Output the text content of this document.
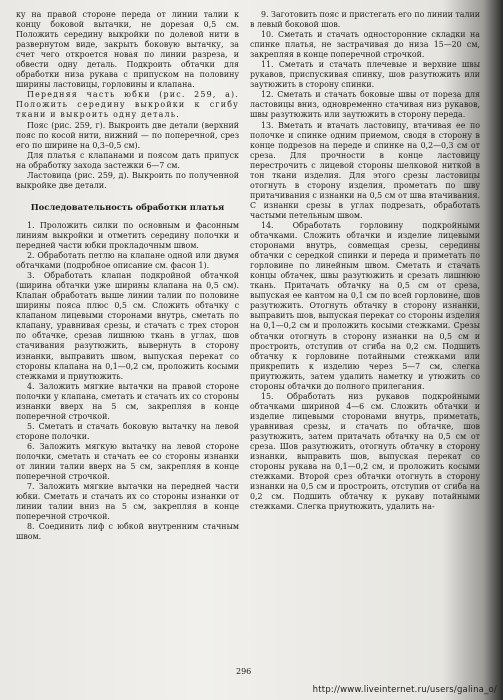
ку на правой стороне переда от линии талии к концу боковой вытачки, не дорезая 0,5 см. Положить середину выкройки по долевой нити в развернутом виде, закрыть боковую вытачку, за счет чего откроется новая по линии разреза, и обвести одну деталь. Подкроить обтачки для обработки низа рукава с припуском на половину ширины ластовицы, горловины и клапана.

Передняя часть юбки (рис. 259, а). Положить середину выкройки к сгибу ткани и выкроить одну деталь.

Пояс (рис. 259, г). Выкроить две детали (верхний пояс по косой нити, нижний — по поперечной, срез его по ширине на 0,3–0,5 см).

Для платья с клапанами и поясом дать припуск на обработку захода застежки 6—7 см.

Ластовица (рис. 259, д). Выкроить по полученной выкройке две детали.

Последовательность обработки платья

1. Проложить силки по основным и фасонным линиям выкройки и отметить середину полочки и передней части юбки прокладочным швом.

2. Обработать петлю на клапане одной или двумя обтачками (подробное описание см. фасон 1).

3. Обработать клапан подкройной обтачкой (ширина обтачки уже ширины клапана на 0,5 см). Клапан обработать выше линии талии по половине ширины пояса плюс 0,5 см. Сложить обтачку с клапаном лицевыми сторонами внутрь, сметать по клапану, уравнивая срезы, и стачать с трех сторон по обтачке, срезав лишнюю ткань в углах, шов стачивания разутюжить, вывернуть в сторону изнанки, выправить швом, выпуская перекат со стороны клапана на 0,1—0,2 см, проложить косыми стежками и приутюжить.

4. Заложить мягкие вытачки на правой стороне полочки у клапана, сметать и стачать их со стороны изнанки вверх на 5 см, закрепляя в конце поперечной строчкой.

5. Сметать и стачать боковую вытачку на левой стороне полочки.

6. Заложить мягкую вытачку на левой стороне полочки, сметать и стачать ее со стороны изнанки от линии талии вверх на 5 см, закрепляя в конце поперечной строчкой.

7. Заложить мягкие вытачки на передней части юбки. Сметать и стачать их со стороны изнанки от линии талии вниз на 5 см, закрепляя в конце поперечной строчкой.

8. Соединить лиф с юбкой внутренним стачным швом.

9. Заготовить пояс и пристегать его по линии талии в левый боковой шов.

10. Сметать и стачать односторонние складки на спинке платья, не застрачивая до низа 15—20 см, закрепляя в конце поперечной строчкой.

11. Сметать и стачать плечевые и верхние швы рукавов, приспускивая спинку, шов разутюжить или заутюжить в сторону спинки.

12. Сметать и стачать боковые швы от пореза для ластовицы вниз, одновременно стачивая низ рукавов, швы разутюжить или заутюжить в сторону переда.

13. Вметать и втачать ластовицу, втачивая ее по полочке и спинке одним приемом, сводя в сторону в конце подрезов на переде и спинке на 0,2—0,3 см от среза. Для прочности в конце ластовицу перестрочить с лицевой стороны шелковой ниткой в тон ткани изделия. Для этого срезы ластовицы отогнуть в сторону изделия, прометать по шву притачивания с изнанки на 0,5 см от шва втачивания. С изнанки срезы в углах подрезать, обработать частыми петельным швом.

14. Обработать горловину подкройными обтачками. Сложить обтачки и изделие лицевыми сторонами внутрь, совмещая срезы, середины обтачки с середкой спинки и переда и приметать по горловине по линейным швом. Сметать и стачать концы обтачек, швы разутюжить и срезать лишнюю ткань. Притачать обтачку на 0,5 см от среза, выпуская ее кантом на 0,1 см по всей горловине, шов разутюжить. Отогнуть обтачку в сторону изнанки, выправить шов, выпуская перекат со стороны изделия на 0,1—0,2 см и проложить косыми стежками. Срезы обтачки отогнуть в сторону изнанки на 0,5 см и простроить, отступив от сгиба на 0,2 см. Подшить обтачку к горловине потайными стежками или прикрепить к изделию через 5—7 см, слегка приутюжить, затем удалить наметку и утюжить со стороны обтачки до полного прилегания.

15. Обработать низ рукавов подкройными обтачками шириной 4—6 см. Сложить обтачки и изделие лицевыми сторонами внутрь, приметать, уравнивая срезы, и стачать по обтачке, шов разутюжить, затем притачать обтачку на 0,5 см от среза. Шов разутюжить, отогнуть обтачку в сторону изнанки, выправить шов, выпуская перекат со стороны рукава на 0,1—0,2 см, и проложить косыми стежками. Второй срез обтачки отогнуть в сторону изнанки на 0,5 см и простроить, отступив от сгиба на 0,2 см. Подшить обтачку к рукаву потайными стежками. Слегка приутюжить, удалить на-

296
http://www.liveinternet.ru/users/galina_o/
